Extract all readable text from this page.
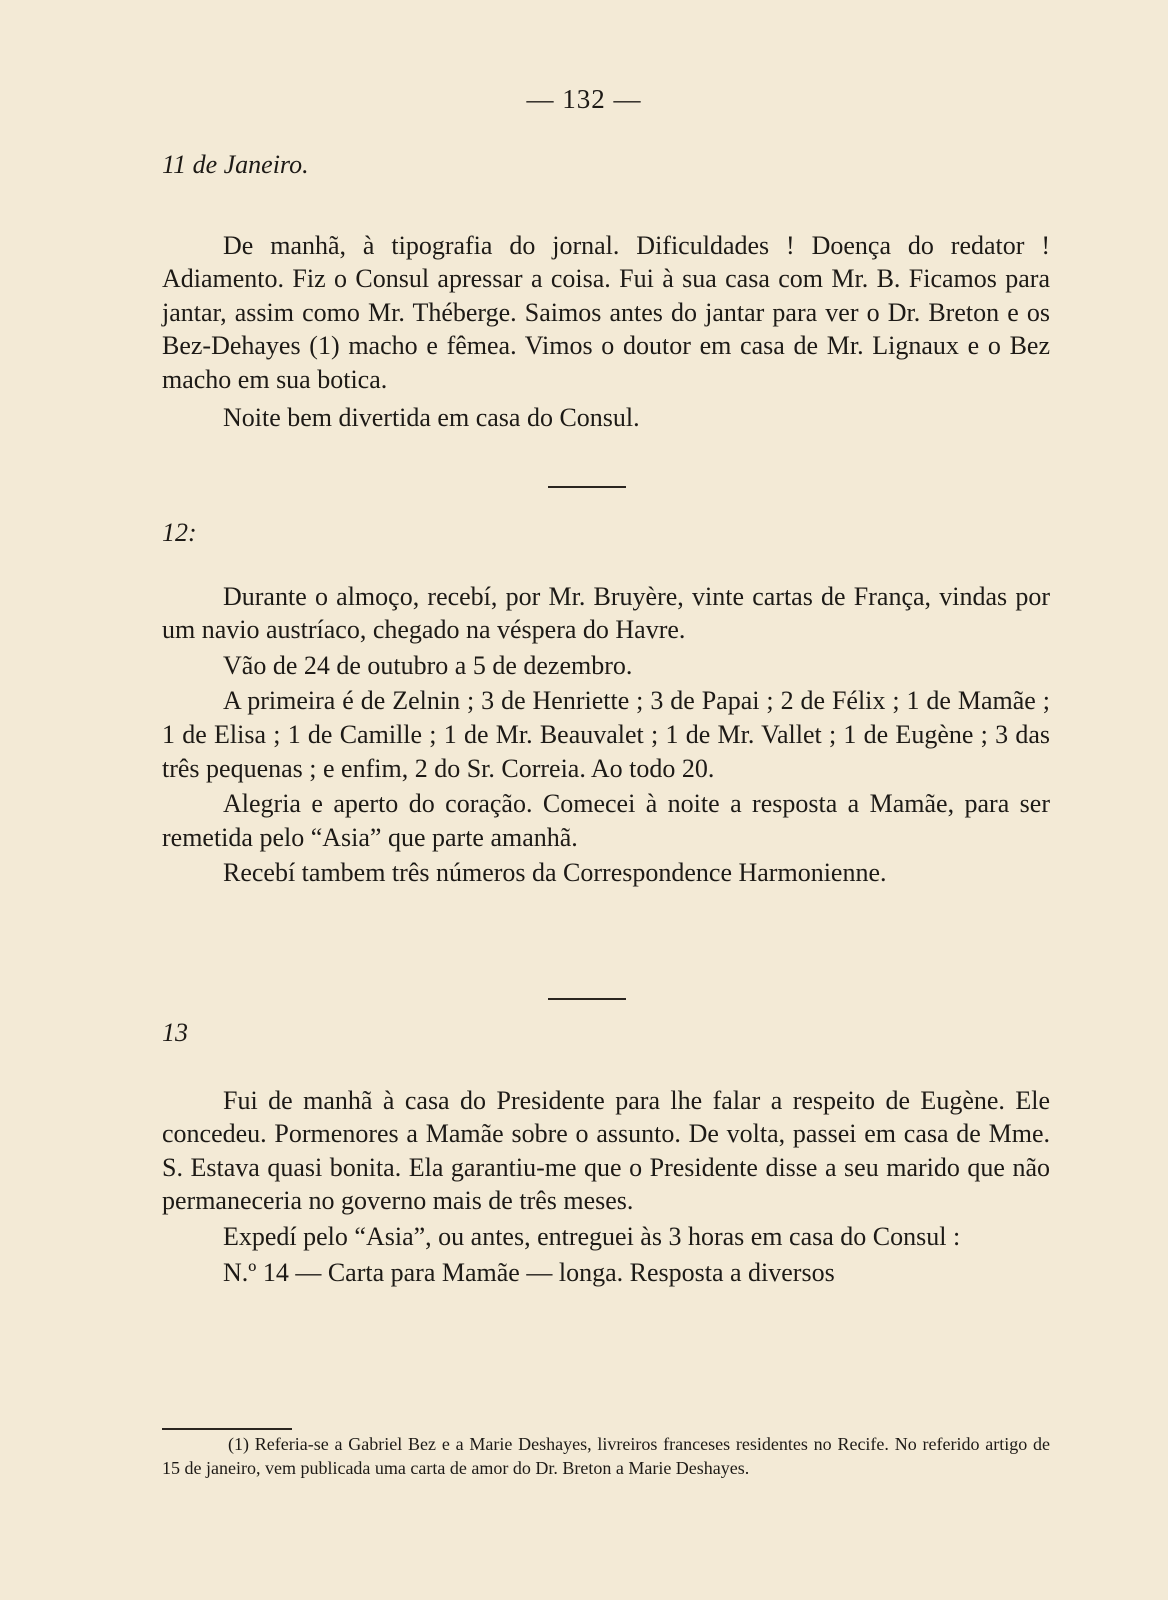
— 132 —

11 de Janeiro.

De manhã, à tipografia do jornal. Dificuldades ! Doença do redator ! Adiamento. Fiz o Consul apressar a coisa. Fui à sua casa com Mr. B. Ficamos para jantar, assim como Mr. Théberge. Saimos antes do jantar para ver o Dr. Breton e os Bez-Dehayes (1) macho e fêmea. Vimos o doutor em casa de Mr. Lignaux e o Bez macho em sua botica.

Noite bem divertida em casa do Consul.

12:

Durante o almoço, recebí, por Mr. Bruyère, vinte cartas de França, vindas por um navio austríaco, chegado na véspera do Havre.

Vão de 24 de outubro a 5 de dezembro.

A primeira é de Zelnin ; 3 de Henriette ; 3 de Papai ; 2 de Félix ; 1 de Mamãe ; 1 de Elisa ; 1 de Camille ; 1 de Mr. Beauvalet ; 1 de Mr. Vallet ; 1 de Eugène ; 3 das três pequenas ; e enfim, 2 do Sr. Correia. Ao todo 20.

Alegria e aperto do coração. Comecei à noite a resposta a Mamãe, para ser remetida pelo “Asia” que parte amanhã.

Recebí tambem três números da Correspondence Harmonienne.

13

Fui de manhã à casa do Presidente para lhe falar a respeito de Eugène. Ele concedeu. Pormenores a Mamãe sobre o assunto. De volta, passei em casa de Mme. S. Estava quasi bonita. Ela garantiu-me que o Presidente disse a seu marido que não permaneceria no governo mais de três meses.

Expedí pelo “Asia”, ou antes, entreguei às 3 horas em casa do Consul :

N.º 14 — Carta para Mamãe — longa. Resposta a diversos

(1) Referia-se a Gabriel Bez e a Marie Deshayes, livreiros franceses residentes no Recife. No referido artigo de 15 de janeiro, vem publicada uma carta de amor do Dr. Breton a Marie Deshayes.
